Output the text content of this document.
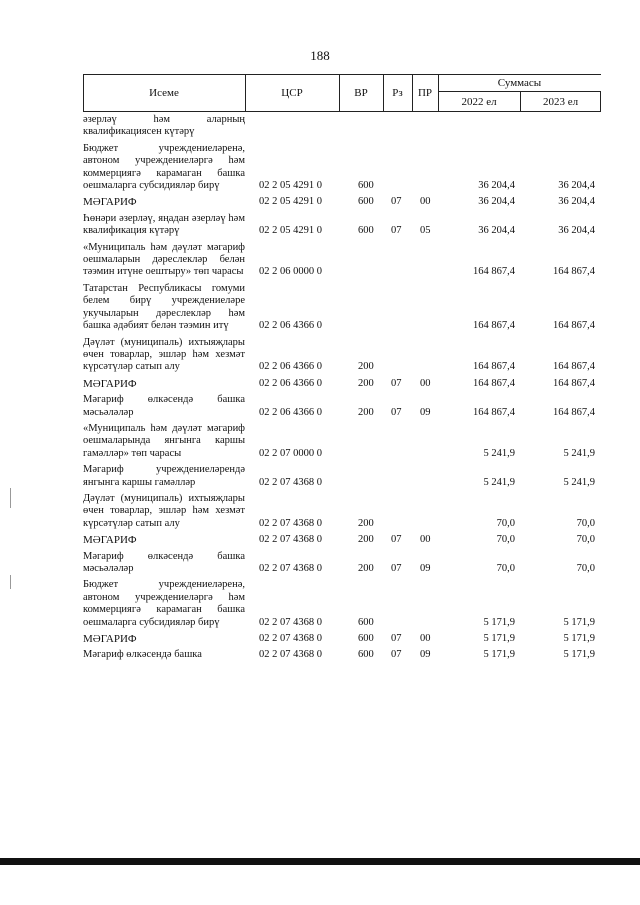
188
Исеме	ЦСР	ВР	Рз	ПР
Суммасы
2022 ел	2023 ел
әзерләү һәм аларның квалификациясен күтәрү
Бюджет учреждениеләренә, автоном учреждениеләргә һәм коммерциягә карамаган башка оешмаларга субсидияләр бирү	02 2 05 4291 0	600	36 204,4	36 204,4
МӘГАРИФ	02 2 05 4291 0	600 07 00	36 204,4	36 204,4
Һөнәри әзерләү, яңадан әзерләү һәм квалификация күтәрү	02 2 05 4291 0	600 07 05	36 204,4	36 204,4
«Муниципаль һәм дәүләт мәгариф оешмаларын дәреслекләр белән тәэмин итүне оештыру» төп чарасы 02 2 06 0000 0	164 867,4	164 867,4
Татарстан Республикасы гомуми белем бирү учреждениеләре укучыларын дәреслекләр һәм башка әдәбият белән тәэмин итү	02 2 06 4366 0	164 867,4	164 867,4
Дәүләт (муниципаль) ихтыяҗлары өчен товарлар, эшләр һәм хезмәт күрсәтүләр сатып алу	02 2 06 4366 0	200	164 867,4	164 867,4
МӘГАРИФ	02 2 06 4366 0	200 07 00	164 867,4	164 867,4
Мәгариф өлкәсендә башка мәсьәләләр	02 2 06 4366 0	200 07 09	164 867,4	164 867,4
«Муниципаль һәм дәүләт мәгариф оешмаларында янгынга каршы гамәлләр» төп чарасы	02 2 07 0000 0	5 241,9	5 241,9
Мәгариф учреждениеләрендә янгынга каршы гамәлләр	02 2 07 4368 0	5 241,9	5 241,9
Дәүләт (муниципаль) ихтыяҗлары өчен товарлар, эшләр һәм хезмәт күрсәтүләр сатып алу	02 2 07 4368 0	200	70,0	70,0
МӘГАРИФ	02 2 07 4368 0	200 07 00	70,0	70,0
Мәгариф өлкәсендә башка мәсьәләләр	02 2 07 4368 0	200 07 09	70,0	70,0
Бюджет учреждениеләренә, автоном учреждениеләргә һәм коммерциягә карамаган башка оешмаларга субсидияләр бирү	02 2 07 4368 0	600	5 171,9	5 171,9
МӘГАРИФ	02 2 07 4368 0	600 07 00	5 171,9	5 171,9
Мәгариф өлкәсендә башка	02 2 07 4368 0	600 07 09	5 171,9	5 171,9
